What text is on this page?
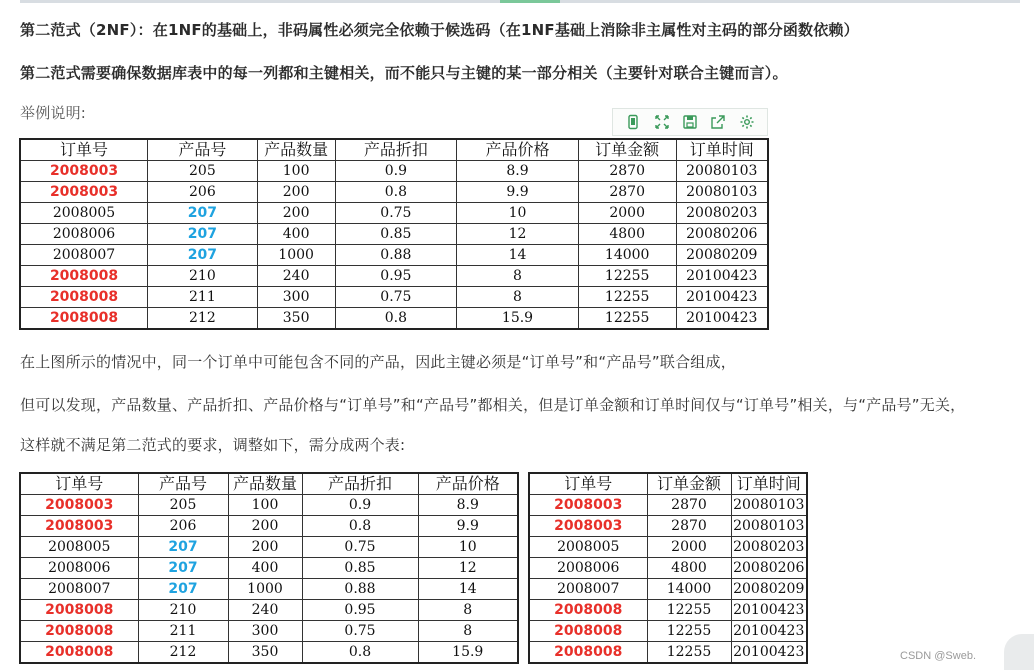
第二范式（2NF）：在1NF的基础上，非码属性必须完全依赖于候选码（在1NF基础上消除非主属性对主码的部分函数依赖）
第二范式需要确保数据库表中的每一列都和主键相关，而不能只与主键的某一部分相关（主要针对联合主键而言）。
举例说明:
订单号	产品号	产品数量	产品折扣	产品价格	订单金额	订单时间
2008003	205	100	0.9	8.9	2870	20080103
2008003	206	200	0.8	9.9	2870	20080103
2008005	207	200	0.75	10	2000	20080203
2008006	207	400	0.85	12	4800	20080206
2008007	207	1000	0.88	14	14000	20080209
2008008	210	240	0.95	8	12255	20100423
2008008	211	300	0.75	8	12255	20100423
2008008	212	350	0.8	15.9	12255	20100423
在上图所示的情况中，同一个订单中可能包含不同的产品，因此主键必须是“订单号”和“产品号”联合组成，
但可以发现，产品数量、产品折扣、产品价格与“订单号”和“产品号”都相关，但是订单金额和订单时间仅与“订单号”相关，与“产品号”无关，
这样就不满足第二范式的要求，调整如下，需分成两个表:
订单号	产品号	产品数量	产品折扣	产品价格
2008003	205	100	0.9	8.9
2008003	206	200	0.8	9.9
2008005	207	200	0.75	10
2008006	207	400	0.85	12
2008007	207	1000	0.88	14
2008008	210	240	0.95	8
2008008	211	300	0.75	8
2008008	212	350	0.8	15.9
订单号	订单金额	订单时间
2008003	2870	20080103
2008003	2870	20080103
2008005	2000	20080203
2008006	4800	20080206
2008007	14000	20080209
2008008	12255	20100423
2008008	12255	20100423
2008008	12255	20100423	CSDN @Sweb.
